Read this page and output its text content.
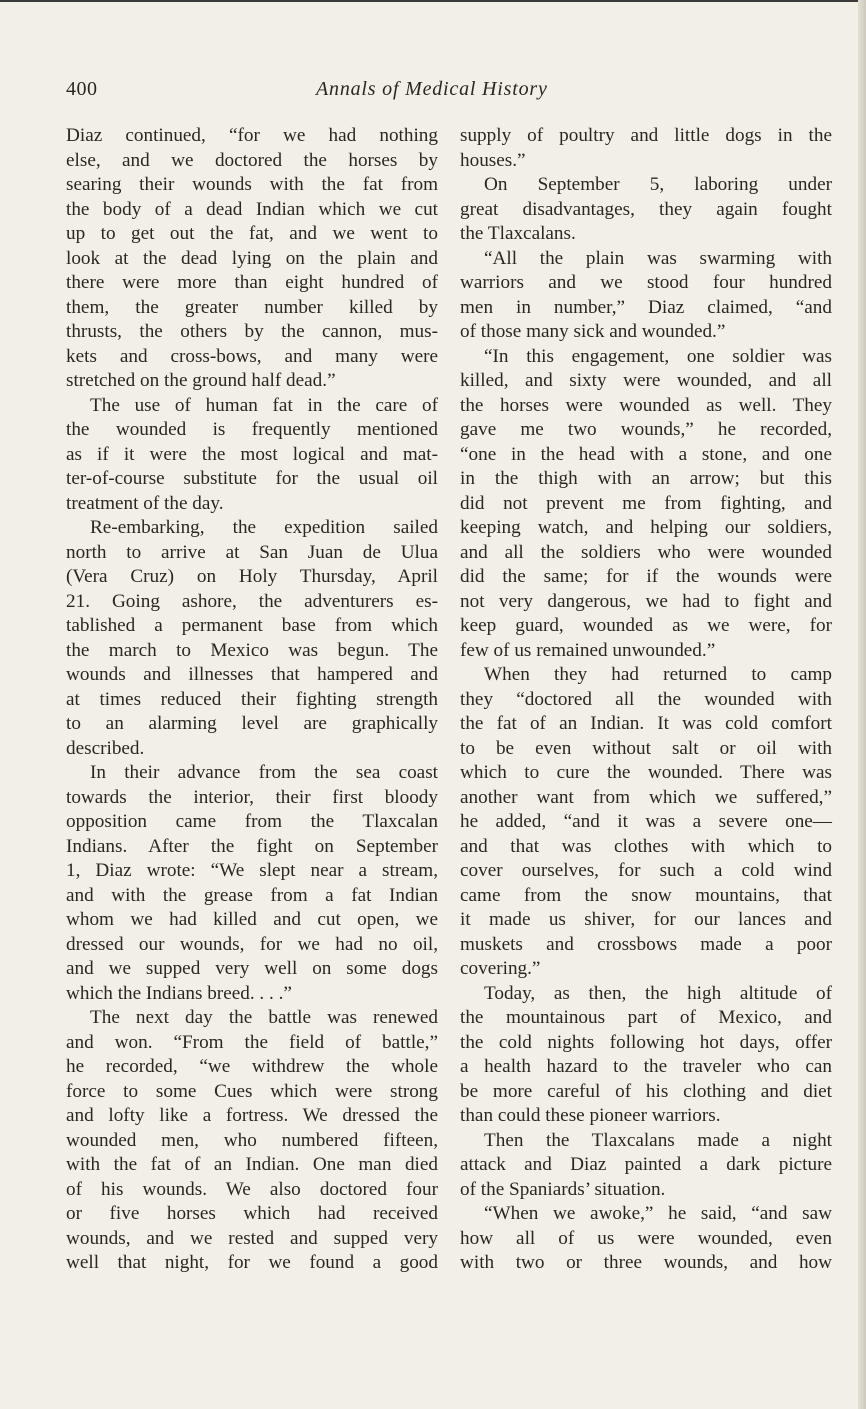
400	Annals of Medical History
Diaz continued, “for we had nothing
else, and we doctored the horses by
searing their wounds with the fat from
the body of a dead Indian which we cut
up to get out the fat, and we went to
look at the dead lying on the plain and
there were more than eight hundred of
them, the greater number killed by
thrusts, the others by the cannon, mus-
kets and cross-bows, and many were
stretched on the ground half dead.”
The use of human fat in the care of
the wounded is frequently mentioned
as if it were the most logical and mat-
ter-of-course substitute for the usual oil
treatment of the day.
Re-embarking, the expedition sailed
north to arrive at San Juan de Ulua
(Vera Cruz) on Holy Thursday, April
21. Going ashore, the adventurers es-
tablished a permanent base from which
the march to Mexico was begun. The
wounds and illnesses that hampered and
at times reduced their fighting strength
to an alarming level are graphically
described.
In their advance from the sea coast
towards the interior, their first bloody
opposition came from the Tlaxcalan
Indians. After the fight on September
1, Diaz wrote: “We slept near a stream,
and with the grease from a fat Indian
whom we had killed and cut open, we
dressed our wounds, for we had no oil,
and we supped very well on some dogs
which the Indians breed. . . .”
The next day the battle was renewed
and won. “From the field of battle,”
he recorded, “we withdrew the whole
force to some Cues which were strong
and lofty like a fortress. We dressed the
wounded men, who numbered fifteen,
with the fat of an Indian. One man died
of his wounds. We also doctored four
or five horses which had received
wounds, and we rested and supped very
well that night, for we found a good
supply of poultry and little dogs in the
houses.”
On September 5, laboring under
great disadvantages, they again fought
the Tlaxcalans.
“All the plain was swarming with
warriors and we stood four hundred
men in number,” Diaz claimed, “and
of those many sick and wounded.”
“In this engagement, one soldier was
killed, and sixty were wounded, and all
the horses were wounded as well. They
gave me two wounds,” he recorded,
“one in the head with a stone, and one
in the thigh with an arrow; but this
did not prevent me from fighting, and
keeping watch, and helping our soldiers,
and all the soldiers who were wounded
did the same; for if the wounds were
not very dangerous, we had to fight and
keep guard, wounded as we were, for
few of us remained unwounded.”
When they had returned to camp
they “doctored all the wounded with
the fat of an Indian. It was cold comfort
to be even without salt or oil with
which to cure the wounded. There was
another want from which we suffered,”
he added, “and it was a severe one—
and that was clothes with which to
cover ourselves, for such a cold wind
came from the snow mountains, that
it made us shiver, for our lances and
muskets and crossbows made a poor
covering.”
Today, as then, the high altitude of
the mountainous part of Mexico, and
the cold nights following hot days, offer
a health hazard to the traveler who can
be more careful of his clothing and diet
than could these pioneer warriors.
Then the Tlaxcalans made a night
attack and Diaz painted a dark picture
of the Spaniards’ situation.
“When we awoke,” he said, “and saw
how all of us were wounded, even
with two or three wounds, and how
